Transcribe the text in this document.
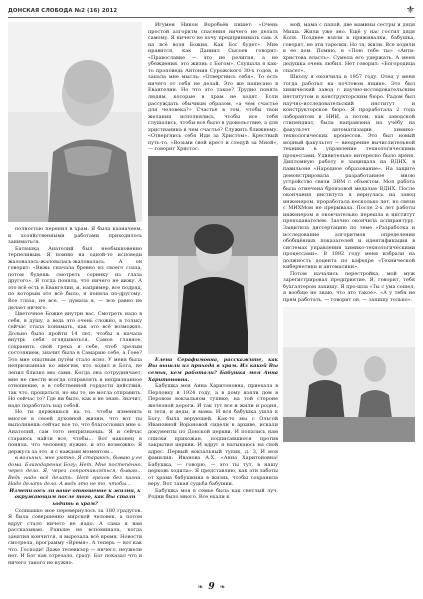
ДОНСКАЯ СЛОБОДА №2 (16) 2012	⚜

полностью перепил в храм. Я была казначеем, и хозяйственными работами приходилось заниматься.

Батюшка Анатолий был необыкновенно терпеливым. Я помню на одной-то исповеди жаловалась-жаловалась-жаловалась. А он говорит: «Вижь сначала бревно из своего глаза, потом будешь смотреть соринку из глаза другого». Я тогда поняла, что ничего не вижу. А это всё есть в Евангелии, и, например, все подряд, по которым это всё было, я поняла по-другому. Все глаза, не все, — думала я, — все равно не делает ничего.

Цветочное Божие внутри вас. Смотреть надо в себя, в душу, а ведь это очень сложно, в тольку сейчас стала понимать, как это всё возможно. Дольно было пройти 14 лет, чтобы я начала внутрь себя оглядываться. Самое главное, сохранить свой греха в себе, чтоб зрелым состоянием, значит была в Самарию себе, а Гоее? Это мне опытным путём стало ясно. У меня была непризнанная ко многим, кто ходил в Бога, не лепил близко мы сами. Когда она сотрудничает, мне не свести всегда отправлять в непризнанное отношение, а в собственной гордости действия, так что, прощаться, но мы то, не могла отправить. Но сейчас то? Где ни было, как я не знаю. Значит, надо поработать над собой.

Но ты держишься на то, чтобы изменить многое в своей духовной жизни, что вот ты выполняешь сейчас все то, что благословил мне о. Анатолий, сам того непризнаешь. Я и сейчас стараюсь найти все, чтобы... Вот наконец я поняла, что человеку нужно, и это возможно: Я держусь за это, и с каждым моментом...

в вольных, мне уютно. Я стараюсь, бываю у ее дома. Благодарение Богу: Нет. Мне постепенно, через дело. Я, через сопротивляться, бываю... Ведь надо всё делать. Нет грехов без казни. Надо делать дело. А ведь это не то, чтобы...

Изменилось ли ваше отношение к жизни, к окружающим после того, как Вы стали ходить в храм?

Солнышко мое перевернулось за 180 градусов. Я была совершенно мирской человек, а потом вдруг стало ничего не надо. А сама я вам рассказываю. Раньше не вспоминала, когда занятия кончится, я вырезала всё время. Новости смотрела, программу «Время». А теперь — вот как что. Господи! Даже телевизор — ничего, неужели нет. И Бог как отрезало, сразу. Бог показал что и ничего такого не нужно.

Игумен Никон Воробьёв пишет: «Очень простой алгоритм спасения ничего не делать самому. Я ничего не хочу предпринимать сам. А на всё воля Божия. Как Бог будет». Мне нравится, как Даниил Сысоев говорит: «Православие — это не религия, а не убеждения, это жизнь с Богом». Слушала я как-то проповедь Антония Сурожского 30-х годов, и запала мне мысль: «Отвергнись себя». То есть ничего от себя не делай. Это же написано в Евангелии. Но что это такое? Трудно понять людям, которые в храм не ходят. Если рассуждать обычным образом, «а чем счастье для человека?» Счастье в том, чтобы твои желания исполнялись, чтобы все тебя слушались, чтобы все было в удовольствие, а для христианина в чем счастье? Служить ближнему. «Отвергнись себя Иди за Христом». Крестный путь-то. «Возьми свой крест и следуй за Мной», — говорит Христос.

Елена Серафимовна, расскажите, как Вы вышли из прихода в храм. Из какой Вы семьи, кем работали? Бабушка моя Анна Харитоновна.

Бабушка моя Анна Харитоновна, приехала в Перловку в 1924 году, а в дому взяли дом в Перовом вокзальном тупике, на той стороне железной дороги. И так тут все и жили и родня, и тети, и деды, и мама. И вся бабушка ушла к Богу, была верующей. Как-то мы с Ольгой Ивановной Вороновой сидели в архиве, искали документы по Донской церкви. И попались нам списки прихожан, подписавшиеся против закрытия церкви. И вдруг я натыкаюсь на свой адрес. Первый вокзальный тупик, д. 3, И моя фамилия: Иванова А.Х. «Анна Харитоновна! Бабушка, — говорю, — это ты тут, в нашу церковь ходила». Я представляю, как эти заботы от храма бабушкина в жизнь, чтобы сохранила веру. Вот такая судьба бабушки.

Бабушка моя в семье была как светлый луч. Родни было много. Все ехали к

мой, мама с папой, две мамины сестры и дядя Миша. Жили уже эно. Ещё у нас гостил дядя Коля. Позднее взяли в приживалки, бабушка, говорят, не эти тарелки. Но та, жили. Все ходили в ее дом. Помню, в «Пою тебе ты» «Анти-христова власть». Сумела его удержать. А меня дедушка очень любил. Нет говорил: «Богородица спасет».

Школу я окончила в 1957 году. Отец у меня тогда работал на почтовом ящике. Это был химический завод с научно-исследовательским институтом и конструкторским бюро. Радом был научно-исследовательский институт и конструкторское бюро. Я проработала 2 года лаборантом в НИИ, а потом, как заводской стипендиат, была направлена на учёбу на факультет автоматизации химико-технологических процессов. Это был новый модный факультет — внедрение вычислительной техники в управление технологическими процессами. Удивительно интересно было вреня. Дипломную работу я защищала на ВДНХ, в павильоне «Народное образование». На защите демонстрировала разработанное мною устройство связи ЭВМ с объектом. Моя работа была отмечена бронзовой медалью ВДНХ. После окончания института я вернулась на завод инженером, проработала несколько лет, но связи с МИХМом не прерывала. После 2-х лет работы инженером я окончательно перешла в институт преподавателем. Заочно окончила аспирантуру. Защитила диссертацию по теме «Разработка и исследование алгоритмов определения обобщённых показателей и идентификации в системах управления химико-технологическими процессами». В 1992 году меня избрали на должность доцента по кафедре «Технической кибернетики и автоматики».

Потом начались перестройка, мой муж зарегистрировал предприятие. Я, говорит, тебя бухгалтером запишу. Я про-шла «Ты с ума сошел, я вообще не знаю, что это такое». «А у тебя не прям работать, — говорит он, — запишу только».

❧ 9 ❧
